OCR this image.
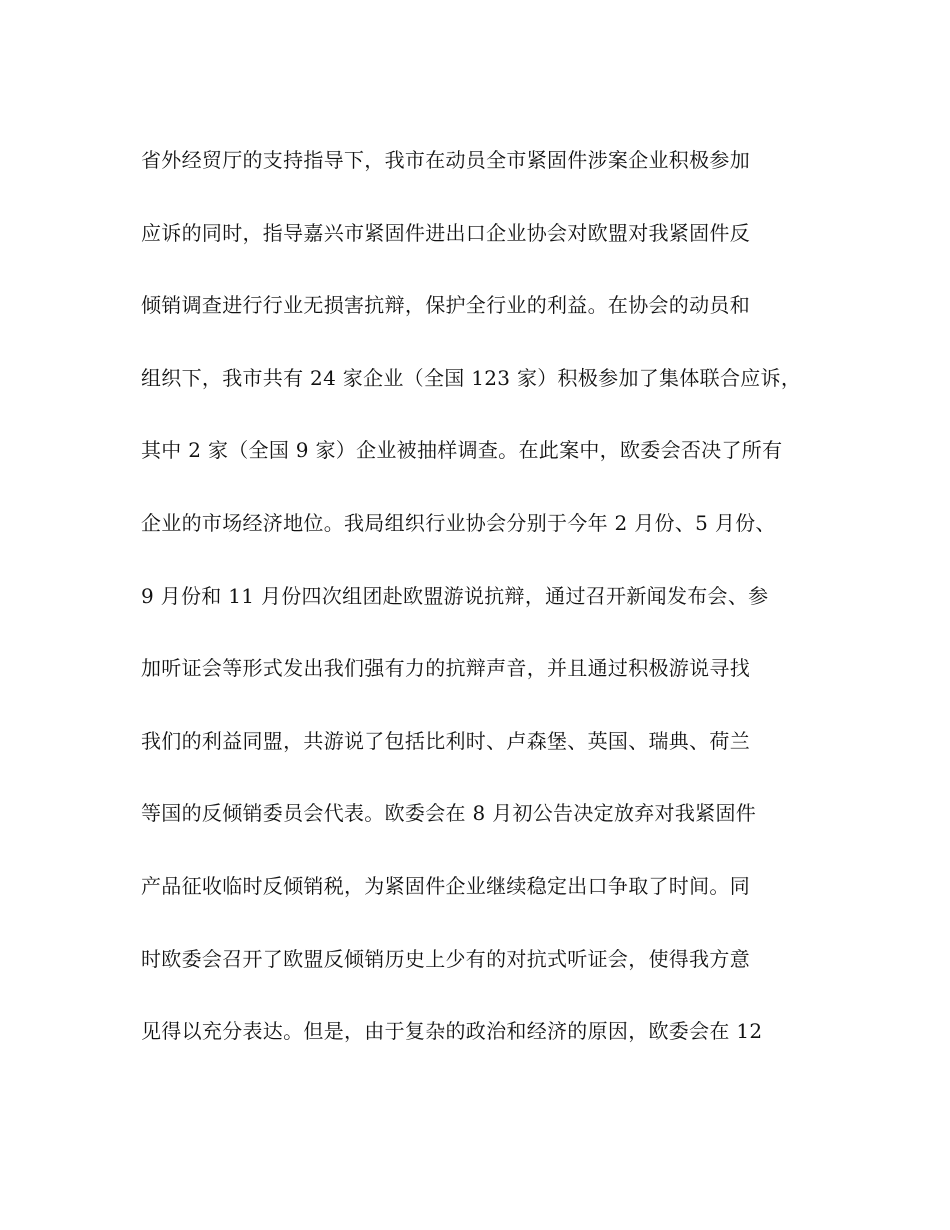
省外经贸厅的支持指导下，我市在动员全市紧固件涉案企业积极参加
应诉的同时，指导嘉兴市紧固件进出口企业协会对欧盟对我紧固件反
倾销调查进行行业无损害抗辩，保护全行业的利益。在协会的动员和
组织下，我市共有 24 家企业（全国 123 家）积极参加了集体联合应诉，
其中 2 家（全国 9 家）企业被抽样调查。在此案中，欧委会否决了所有
企业的市场经济地位。我局组织行业协会分别于今年 2 月份、5 月份、
9 月份和 11 月份四次组团赴欧盟游说抗辩，通过召开新闻发布会、参
加听证会等形式发出我们强有力的抗辩声音，并且通过积极游说寻找
我们的利益同盟，共游说了包括比利时、卢森堡、英国、瑞典、荷兰
等国的反倾销委员会代表。欧委会在 8 月初公告决定放弃对我紧固件
产品征收临时反倾销税，为紧固件企业继续稳定出口争取了时间。同
时欧委会召开了欧盟反倾销历史上少有的对抗式听证会，使得我方意
见得以充分表达。但是，由于复杂的政治和经济的原因，欧委会在 12
